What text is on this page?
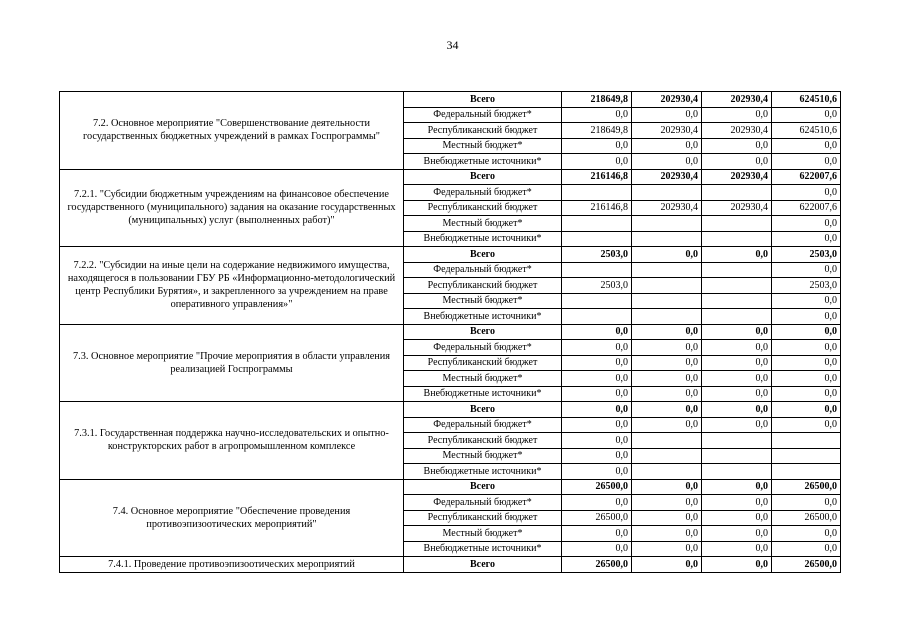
34
7.2. Основное мероприятие "Совершенствование деятельности государственных бюджетных учреждений в рамках Госпрограммы"	Всего	218649,8	202930,4	202930,4	624510,6
	Федеральный бюджет*	0,0	0,0	0,0	0,0
	Республиканский бюджет	218649,8	202930,4	202930,4	624510,6
	Местный бюджет*	0,0	0,0	0,0	0,0
	Внебюджетные источники*	0,0	0,0	0,0	0,0
7.2.1. "Субсидии бюджетным учреждениям на финансовое обеспечение государственного (муниципального) задания на оказание государственных (муниципальных) услуг (выполненных работ)"	Всего	216146,8	202930,4	202930,4	622007,6
	Федеральный бюджет*				0,0
	Республиканский бюджет	216146,8	202930,4	202930,4	622007,6
	Местный бюджет*				0,0
	Внебюджетные источники*				0,0
7.2.2. "Субсидии на иные цели на содержание недвижимого имущества, находящегося в пользовании ГБУ РБ «Информационно-методологический центр Республики Бурятия», и закрепленного за учреждением на праве оперативного управления»"	Всего	2503,0	0,0	0,0	2503,0
	Федеральный бюджет*				0,0
	Республиканский бюджет	2503,0			2503,0
	Местный бюджет*				0,0
	Внебюджетные источники*				0,0
7.3. Основное мероприятие "Прочие мероприятия в области управления реализацией Госпрограммы	Всего	0,0	0,0	0,0	0,0
	Федеральный бюджет*	0,0	0,0	0,0	0,0
	Республиканский бюджет	0,0	0,0	0,0	0,0
	Местный бюджет*	0,0	0,0	0,0	0,0
	Внебюджетные источники*	0,0	0,0	0,0	0,0
7.3.1. Государственная поддержка научно-исследовательских и опытно-конструкторских работ в агропромышленном комплексе	Всего	0,0	0,0	0,0	0,0
	Федеральный бюджет*	0,0	0,0	0,0	0,0
	Республиканский бюджет	0,0			
	Местный бюджет*	0,0			
	Внебюджетные источники*	0,0			
7.4. Основное мероприятие "Обеспечение проведения противоэпизоотических мероприятий"	Всего	26500,0	0,0	0,0	26500,0
	Федеральный бюджет*	0,0	0,0	0,0	0,0
	Республиканский бюджет	26500,0	0,0	0,0	26500,0
	Местный бюджет*	0,0	0,0	0,0	0,0
	Внебюджетные источники*	0,0	0,0	0,0	0,0
7.4.1. Проведение противоэпизоотических мероприятий	Всего	26500,0	0,0	0,0	26500,0
